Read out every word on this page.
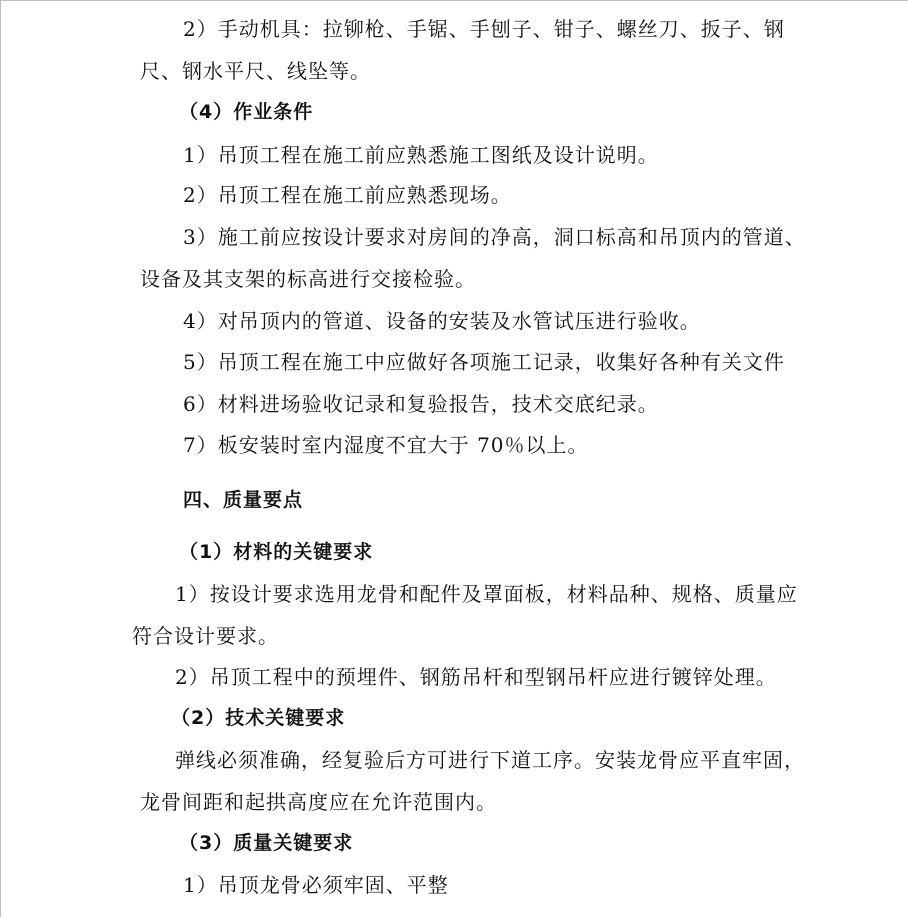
2）手动机具：拉铆枪、手锯、手刨子、钳子、螺丝刀、扳子、钢
尺、钢水平尺、线坠等。
（4）作业条件
1）吊顶工程在施工前应熟悉施工图纸及设计说明。
2）吊顶工程在施工前应熟悉现场。
3）施工前应按设计要求对房间的净高，洞口标高和吊顶内的管道、
设备及其支架的标高进行交接检验。
4）对吊顶内的管道、设备的安装及水管试压进行验收。
5）吊顶工程在施工中应做好各项施工记录，收集好各种有关文件
6）材料进场验收记录和复验报告，技术交底纪录。
7）板安装时室内湿度不宜大于 70％以上。
四、质量要点
（1）材料的关键要求
1）按设计要求选用龙骨和配件及罩面板，材料品种、规格、质量应
符合设计要求。
2）吊顶工程中的预埋件、钢筋吊杆和型钢吊杆应进行镀锌处理。
（2）技术关键要求
弹线必须准确，经复验后方可进行下道工序。安装龙骨应平直牢固，
龙骨间距和起拱高度应在允许范围内。
（3）质量关键要求
1）吊顶龙骨必须牢固、平整
